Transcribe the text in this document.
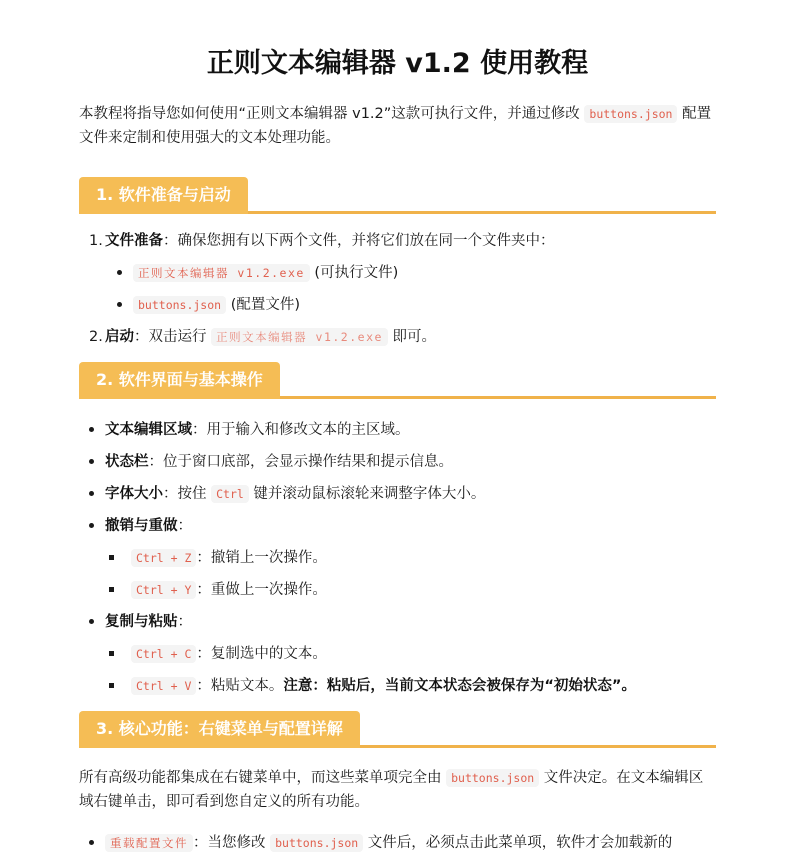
正则文本编辑器 v1.2 使用教程

本教程将指导您如何使用“正则文本编辑器 v1.2”这款可执行文件，并通过修改 buttons.json 配置文件来定制和使用强大的文本处理功能。

1. 软件准备与启动
1. 文件准备：确保您拥有以下两个文件，并将它们放在同一个文件夹中：
正则文本编辑器 v1.2.exe (可执行文件)
buttons.json (配置文件)
2. 启动：双击运行 正则文本编辑器 v1.2.exe 即可。
2. 软件界面与基本操作
文本编辑区域：用于输入和修改文本的主区域。
状态栏：位于窗口底部，会显示操作结果和提示信息。
字体大小：按住 Ctrl 键并滚动鼠标滚轮来调整字体大小。
撤销与重做：
Ctrl + Z ：撤销上一次操作。
Ctrl + Y ：重做上一次操作。
复制与粘贴：
Ctrl + C ：复制选中的文本。
Ctrl + V ：粘贴文本。注意：粘贴后，当前文本状态会被保存为“初始状态”。
3. 核心功能：右键菜单与配置详解

所有高级功能都集成在右键菜单中，而这些菜单项完全由 buttons.json 文件决定。在文本编辑区域右键单击，即可看到您自定义的所有功能。

重载配置文件 ：当您修改 buttons.json 文件后，必须点击此菜单项，软件才会加载新的
